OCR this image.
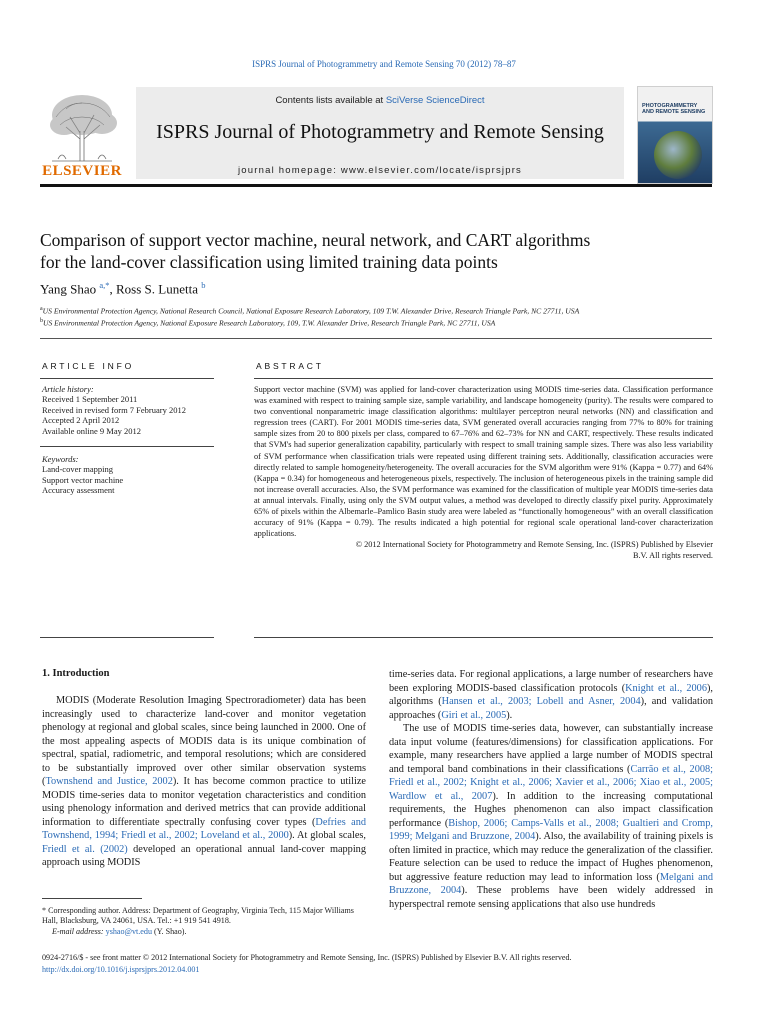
ISPRS Journal of Photogrammetry and Remote Sensing 70 (2012) 78–87
Contents lists available at SciVerse ScienceDirect
ISPRS Journal of Photogrammetry and Remote Sensing
journal homepage: www.elsevier.com/locate/isprsjprs
ELSEVIER
PHOTOGRAMMETRY AND REMOTE SENSING
Comparison of support vector machine, neural network, and CART algorithms
for the land-cover classification using limited training data points
Yang Shao $^{a,*}$, Ross S. Lunetta $^b$
$^a$US Environmental Protection Agency, National Research Council, National Exposure Research Laboratory, 109 T.W. Alexander Drive, Research Triangle Park, NC 27711, USA
$^b$US Environmental Protection Agency, National Exposure Research Laboratory, 109, T.W. Alexander Drive, Research Triangle Park, NC 27711, USA
ARTICLE INFO
Article history:
Received 1 September 2011
Received in revised form 7 February 2012
Accepted 2 April 2012
Available online 9 May 2012
Keywords:
Land-cover mapping
Support vector machine
Accuracy assessment
ABSTRACT

Support vector machine (SVM) was applied for land-cover characterization using MODIS time-series data. Classification performance was examined with respect to training sample size, sample variability, and landscape homogeneity (purity). The results were compared to two conventional nonparametric image classification algorithms: multilayer perceptron neural networks (NN) and classification and regression trees (CART). For 2001 MODIS time-series data, SVM generated overall accuracies ranging from 77% to 80% for training sample sizes from 20 to 800 pixels per class, compared to 67–76% and 62–73% for NN and CART, respectively. These results indicated that SVM's had superior generalization capability, particularly with respect to small training sample sizes. There was also less variability of SVM performance when classification trials were repeated using different training sets. Additionally, classification accuracies were directly related to sample homogeneity/heterogeneity. The overall accuracies for the SVM algorithm were 91% (Kappa = 0.77) and 64% (Kappa = 0.34) for homogeneous and heterogeneous pixels, respectively. The inclusion of heterogeneous pixels in the training sample did not increase overall accuracies. Also, the SVM performance was examined for the classification of multiple year MODIS time-series data at annual intervals. Finally, using only the SVM output values, a method was developed to directly classify pixel purity. Approximately 65% of pixels within the Albemarle–Pamlico Basin study area were labeled as “functionally homogeneous” with an overall classification accuracy of 91% (Kappa = 0.79). The results indicated a high potential for regional scale operational land-cover characterization applications.

© 2012 International Society for Photogrammetry and Remote Sensing, Inc. (ISPRS) Published by Elsevier
B.V. All rights reserved.

1. Introduction

MODIS (Moderate Resolution Imaging Spectroradiometer) data has been increasingly used to characterize land-cover and monitor vegetation phenology at regional and global scales, since being launched in 2000. One of the most appealing aspects of MODIS data is its unique combination of spectral, spatial, radiometric, and temporal resolutions; which are considered to be substantially improved over other similar observation systems (Townshend and Justice, 2002). It has become common practice to utilize MODIS time-series data to monitor vegetation characteristics and condition using phenology information and derived metrics that can provide additional information to differentiate spectrally confusing cover types (Defries and Townshend, 1994; Friedl et al., 2002; Loveland et al., 2000). At global scales, Friedl et al. (2002) developed an operational annual land-cover mapping approach using MODIS

time-series data. For regional applications, a large number of researchers have been exploring MODIS-based classification protocols (Knight et al., 2006), algorithms (Hansen et al., 2003; Lobell and Asner, 2004), and validation approaches (Giri et al., 2005).

The use of MODIS time-series data, however, can substantially increase data input volume (features/dimensions) for classification applications. For example, many researchers have applied a large number of MODIS spectral and temporal band combinations in their classifications (Carrão et al., 2008; Friedl et al., 2002; Knight et al., 2006; Xavier et al., 2006; Xiao et al., 2005; Wardlow et al., 2007). In addition to the increasing computational requirements, the Hughes phenomenon can also impact classification performance (Bishop, 2006; Camps-Valls et al., 2008; Gualtieri and Cromp, 1999; Melgani and Bruzzone, 2004). Also, the availability of training pixels is often limited in practice, which may reduce the generalization of the classifier. Feature selection can be used to reduce the impact of Hughes phenomenon, but aggressive feature reduction may lead to information loss (Melgani and Bruzzone, 2004). These problems have been widely addressed in hyperspectral remote sensing applications that also use hundreds

* Corresponding author. Address: Department of Geography, Virginia Tech, 115 Major Williams Hall, Blacksburg, VA 24061, USA. Tel.: +1 919 541 4918.

E-mail address: yshao@vt.edu (Y. Shao).

0924-2716/$ - see front matter © 2012 International Society for Photogrammetry and Remote Sensing, Inc. (ISPRS) Published by Elsevier B.V. All rights reserved.

http://dx.doi.org/10.1016/j.isprsjprs.2012.04.001
